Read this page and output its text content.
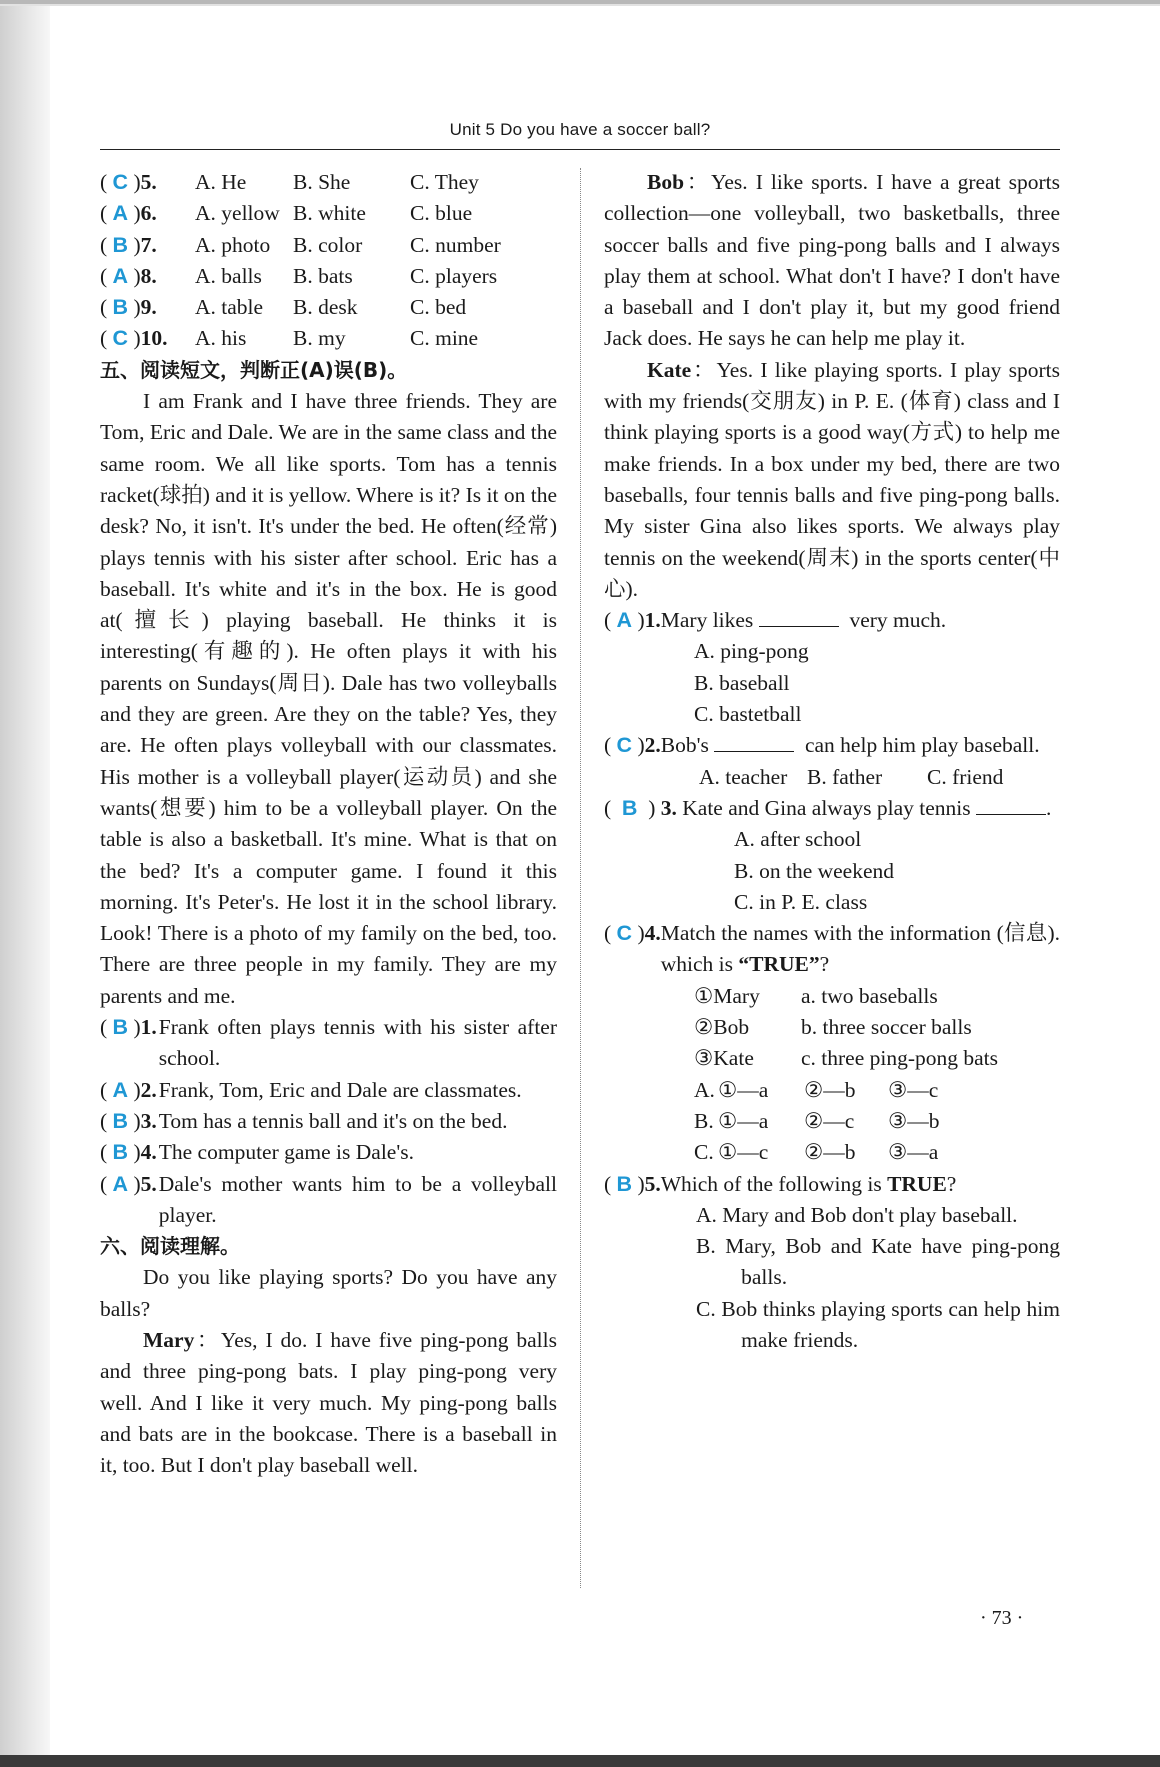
Unit 5 Do you have a soccer ball?
( C )5. A. He B. She	C. They
( A )6. A. yellow B. white C. blue
( B )7. A. photo B. color C. number
( A )8. A. balls B. bats	C. players
( B )9. A. table B. desk C. bed
( C )10. A. his B. my	C. mine
五、阅读短文，判断正(A)误(B)。
I am Frank and I have three friends. They are Tom, Eric and Dale. We are in the same class and the same room. We all like sports. Tom has a tennis racket(球拍) and it is yellow. Where is it? Is it on the desk? No, it isn't. It's under the bed. He often(经常) plays tennis with his sister after school. Eric has a baseball. It's white and it's in the box. He is good at(擅长) playing baseball. He thinks it is interesting(有趣的). He often plays it with his parents on Sundays(周日). Dale has two volleyballs and they are green. Are they on the table? Yes, they are. He often plays volleyball with our classmates. His mother is a volleyball player(运动员) and she wants(想要) him to be a volleyball player. On the table is also a basketball. It's mine. What is that on the bed? It's a computer game. I found it this morning. It's Peter's. He lost it in the school library. Look! There is a photo of my family on the bed, too. There are three people in my family. They are my parents and me.
( B )1. Frank often plays tennis with his sister after school.
( A )2. Frank, Tom, Eric and Dale are classmates.
( B )3. Tom has a tennis ball and it's on the bed.
( B )4. The computer game is Dale's.
( A )5. Dale's mother wants him to be a volleyball player.
六、阅读理解。
Do you like playing sports? Do you have any balls?
Mary：Yes, I do. I have five ping-pong balls and three ping-pong bats. I play ping-pong very well. And I like it very much. My ping-pong balls and bats are in the bookcase. There is a baseball in it, too. But I don't play baseball well.
Bob：Yes. I like sports. I have a great sports collection—one volleyball, two basketballs, three soccer balls and five ping-pong balls and I always play them at school. What don't I have? I don't have a baseball and I don't play it, but my good friend Jack does. He says he can help me play it.
Kate：Yes. I like playing sports. I play sports with my friends(交朋友) in P. E. (体育) class and I think playing sports is a good way(方式) to help me make friends. In a box under my bed, there are two baseballs, four tennis balls and five ping-pong balls. My sister Gina also likes sports. We always play tennis on the weekend(周末) in the sports center(中心).
( A )1. Mary likes	very much.
A. ping-pong
B. baseball
C. bastetball
( C )2. Bob's	can help him play baseball.
A. teacher B. father C. friend
(  B  ) 3. Kate and Gina always play tennis	.
A. after school
B. on the weekend
C. in P. E. class
( C )4. Match the names with the information (信息). which is “TRUE”?
①Mary a. two baseballs
②Bob b. three soccer balls
③Kate c. three ping-pong bats
A. ①—a ②—b ③—c
B. ①—a ②—c ③—b
C. ①—c ②—b ③—a
( B )5. Which of the following is TRUE?
A. Mary and Bob don't play baseball.
B. Mary, Bob and Kate have ping-pong balls.
C. Bob thinks playing sports can help him make friends.
· 73 ·
